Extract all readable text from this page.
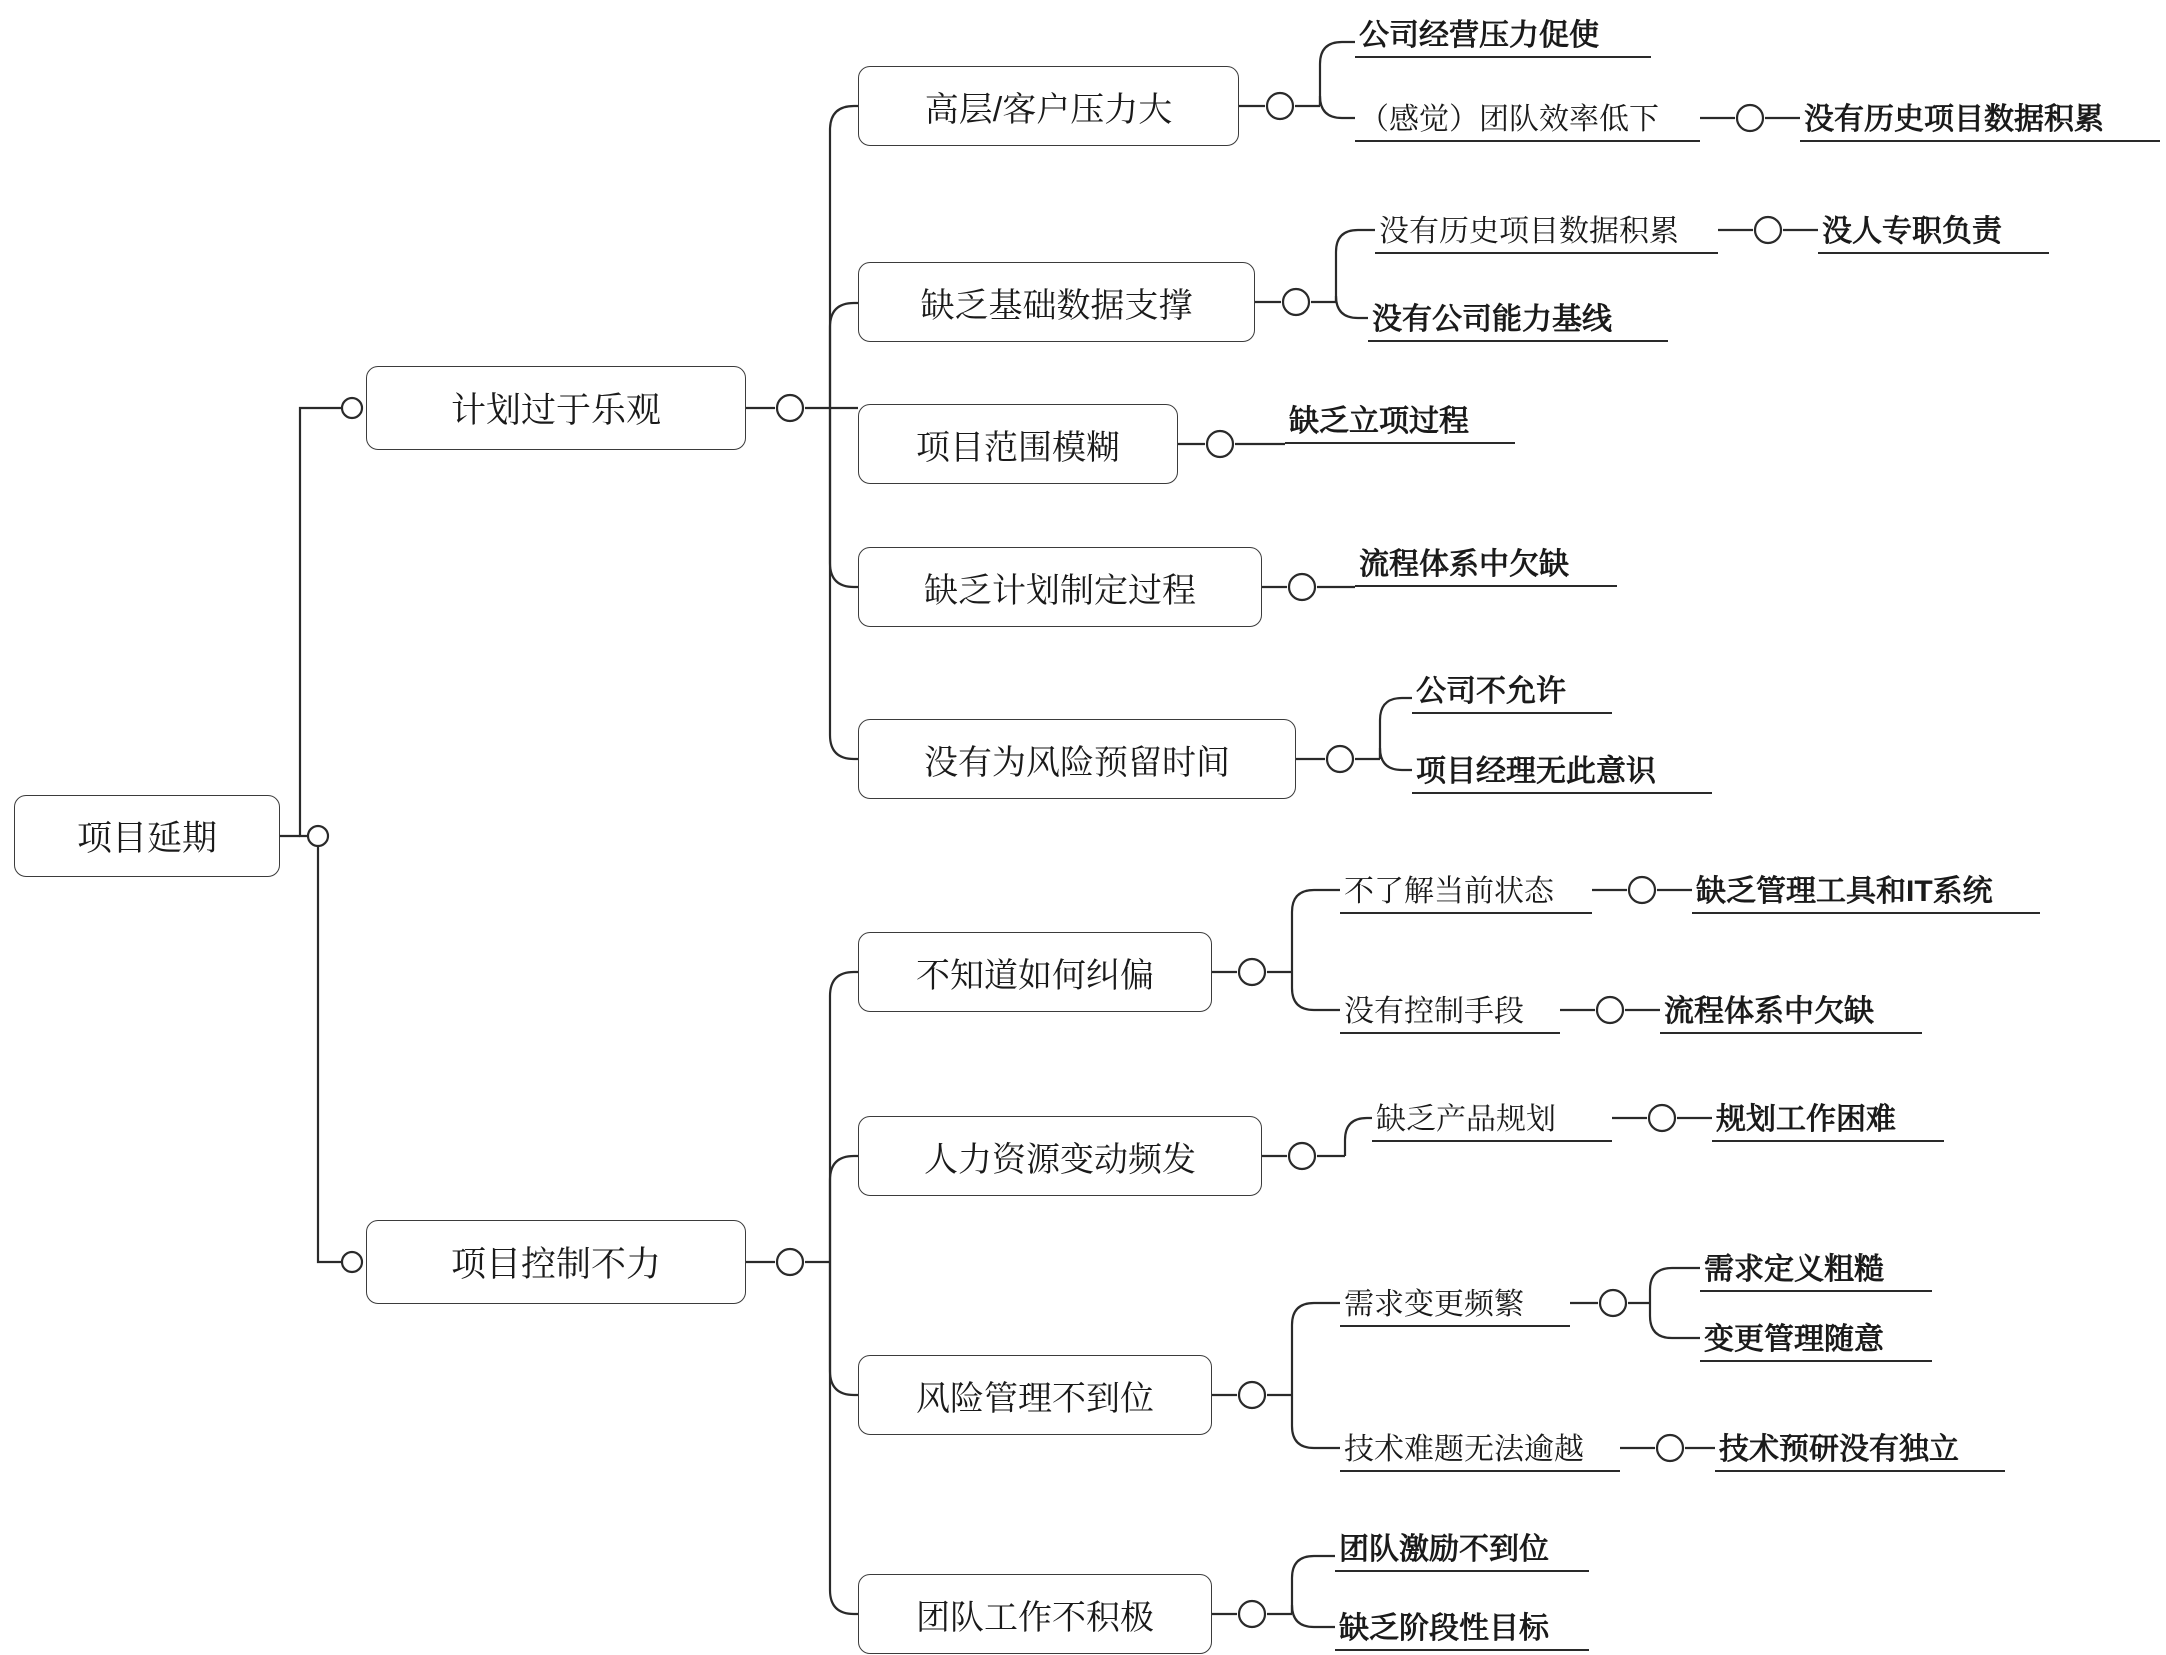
项目延期
计划过于乐观
高层/客户压力大
公司经营压力促使
（感觉）团队效率低下	没有历史项目数据积累
缺乏基础数据支撑
没有历史项目数据积累	没人专职负责
没有公司能力基线
项目范围模糊
缺乏立项过程
缺乏计划制定过程
流程体系中欠缺
没有为风险预留时间
公司不允许
项目经理无此意识
项目控制不力
不知道如何纠偏
不了解当前状态	缺乏管理工具和IT系统
没有控制手段	流程体系中欠缺
人力资源变动频发
缺乏产品规划	规划工作困难
风险管理不到位
需求变更频繁
需求定义粗糙
变更管理随意
技术难题无法逾越	技术预研没有独立
团队工作不积极
团队激励不到位
缺乏阶段性目标
